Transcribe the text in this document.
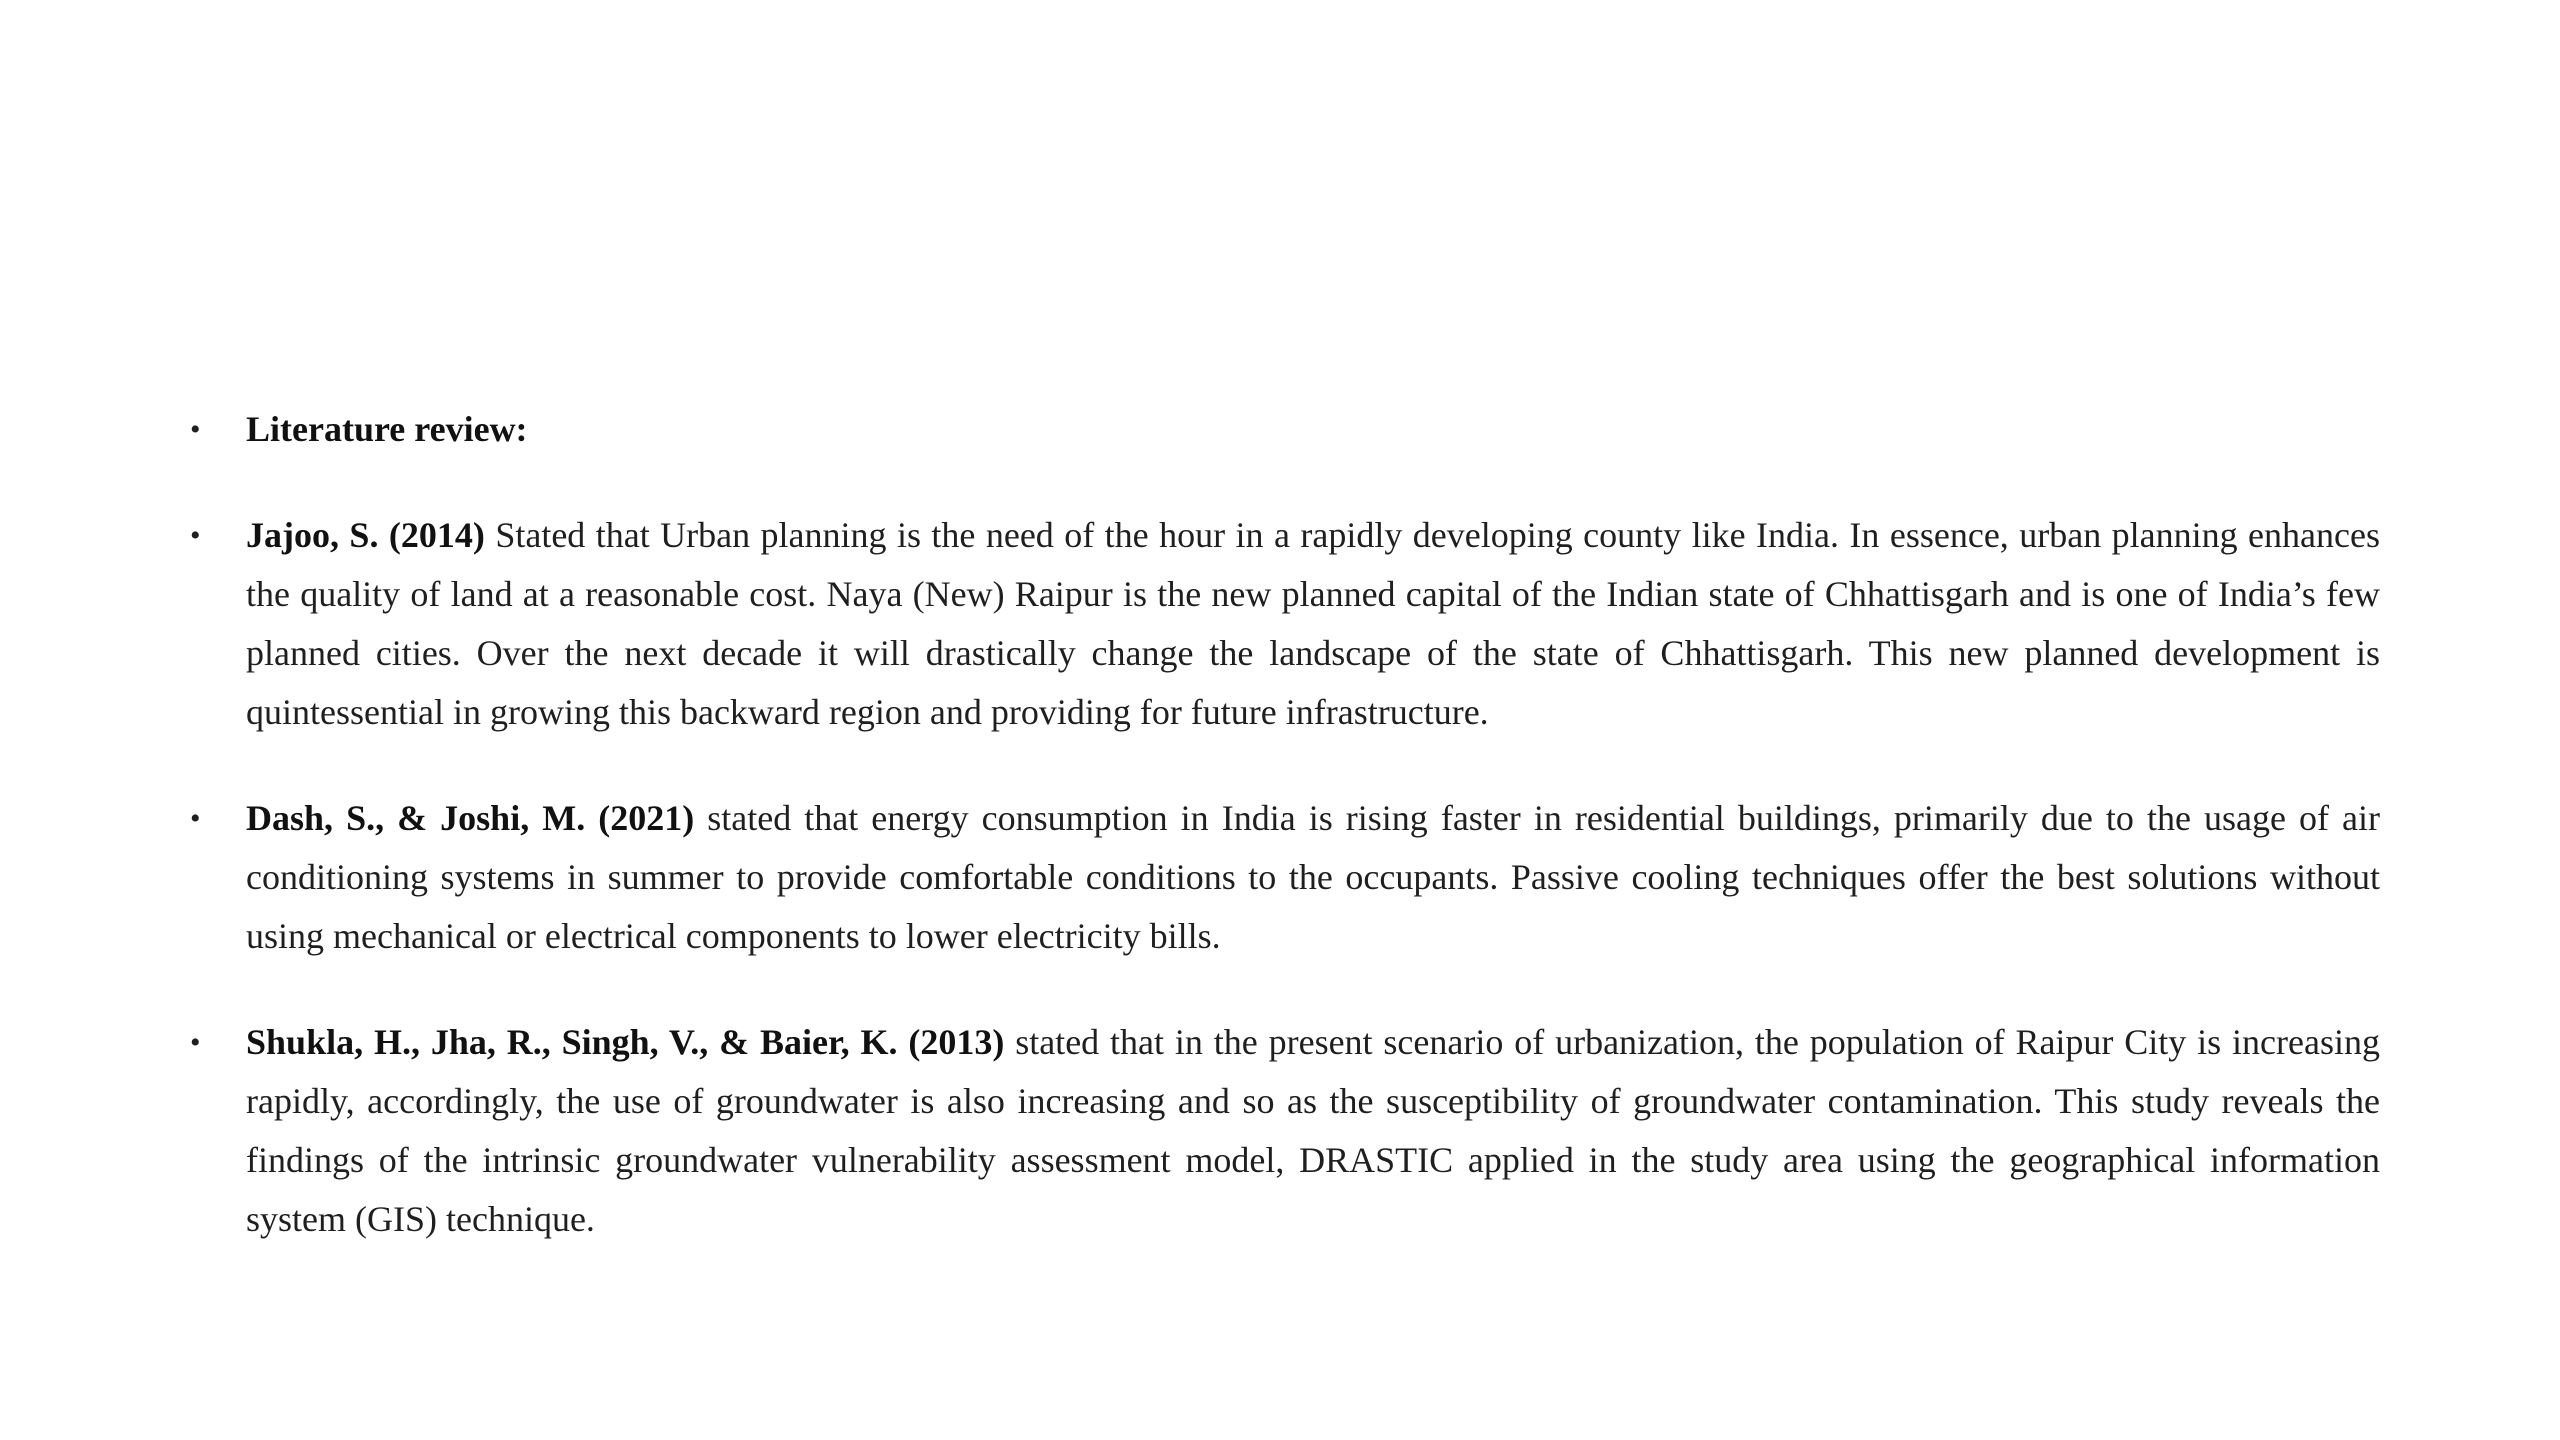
•	Literature review:
•	Jajoo, S. (2014) Stated that Urban planning is the need of the hour in a rapidly developing county like India. In essence, urban planning enhances the quality of land at a reasonable cost. Naya (New) Raipur is the new planned capital of the Indian state of Chhattisgarh and is one of India’s few planned cities. Over the next decade it will drastically change the landscape of the state of Chhattisgarh. This new planned development is quintessential in growing this backward region and providing for future infrastructure.
•	Dash, S., & Joshi, M. (2021) stated that energy consumption in India is rising faster in residential buildings, primarily due to the usage of air conditioning systems in summer to provide comfortable conditions to the occupants. Passive cooling techniques offer the best solutions without using mechanical or electrical components to lower electricity bills.
•	Shukla, H., Jha, R., Singh, V., & Baier, K. (2013) stated that in the present scenario of urbanization, the population of Raipur City is increasing rapidly, accordingly, the use of groundwater is also increasing and so as the susceptibility of groundwater contamination. This study reveals the findings of the intrinsic groundwater vulnerability assessment model, DRASTIC applied in the study area using the geographical information system (GIS) technique.
